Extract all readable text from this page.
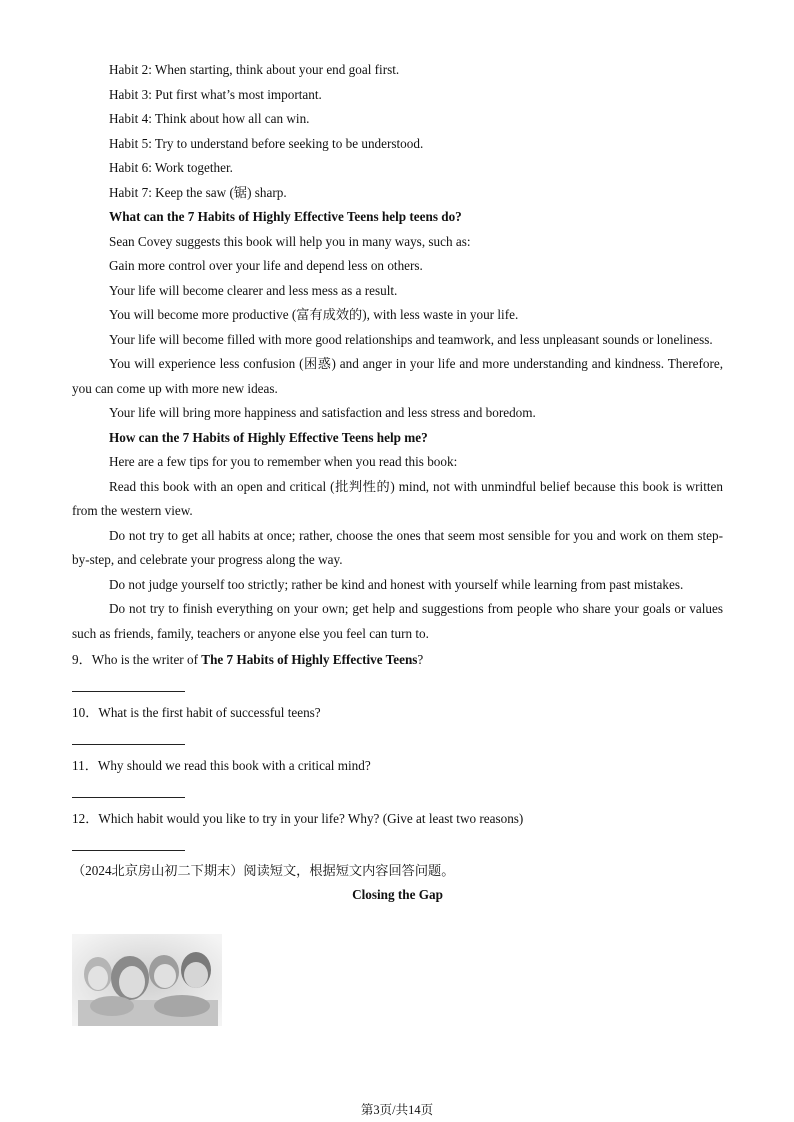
Habit 2: When starting, think about your end goal first.

Habit 3: Put first what’s most important.

Habit 4: Think about how all can win.

Habit 5: Try to understand before seeking to be understood.

Habit 6: Work together.

Habit 7: Keep the saw (锯) sharp.

What can the 7 Habits of Highly Effective Teens help teens do?

Sean Covey suggests this book will help you in many ways, such as:

Gain more control over your life and depend less on others.

Your life will become clearer and less mess as a result.

You will become more productive (富有成效的), with less waste in your life.

Your life will become filled with more good relationships and teamwork, and less unpleasant sounds or loneliness.

You will experience less confusion (困惑) and anger in your life and more understanding and kindness. Therefore, you can come up with more new ideas.

Your life will bring more happiness and satisfaction and less stress and boredom.

How can the 7 Habits of Highly Effective Teens help me?

Here are a few tips for you to remember when you read this book:

Read this book with an open and critical (批判性的) mind, not with unmindful belief because this book is written from the western view.

Do not try to get all habits at once; rather, choose the ones that seem most sensible for you and work on them step-by-step, and celebrate your progress along the way.

Do not judge yourself too strictly; rather be kind and honest with yourself while learning from past mistakes.

Do not try to finish everything on your own; get help and suggestions from people who share your goals or values such as friends, family, teachers or anyone else you feel can turn to.

9．Who is the writer of The 7 Habits of Highly Effective Teens?

10．What is the first habit of successful teens?

11．Why should we read this book with a critical mind?

12．Which habit would you like to try in your life? Why? (Give at least two reasons)

（2024北京房山初二下期末）阅读短文，根据短文内容回答问题。

Closing the Gap

第3页/共14页
